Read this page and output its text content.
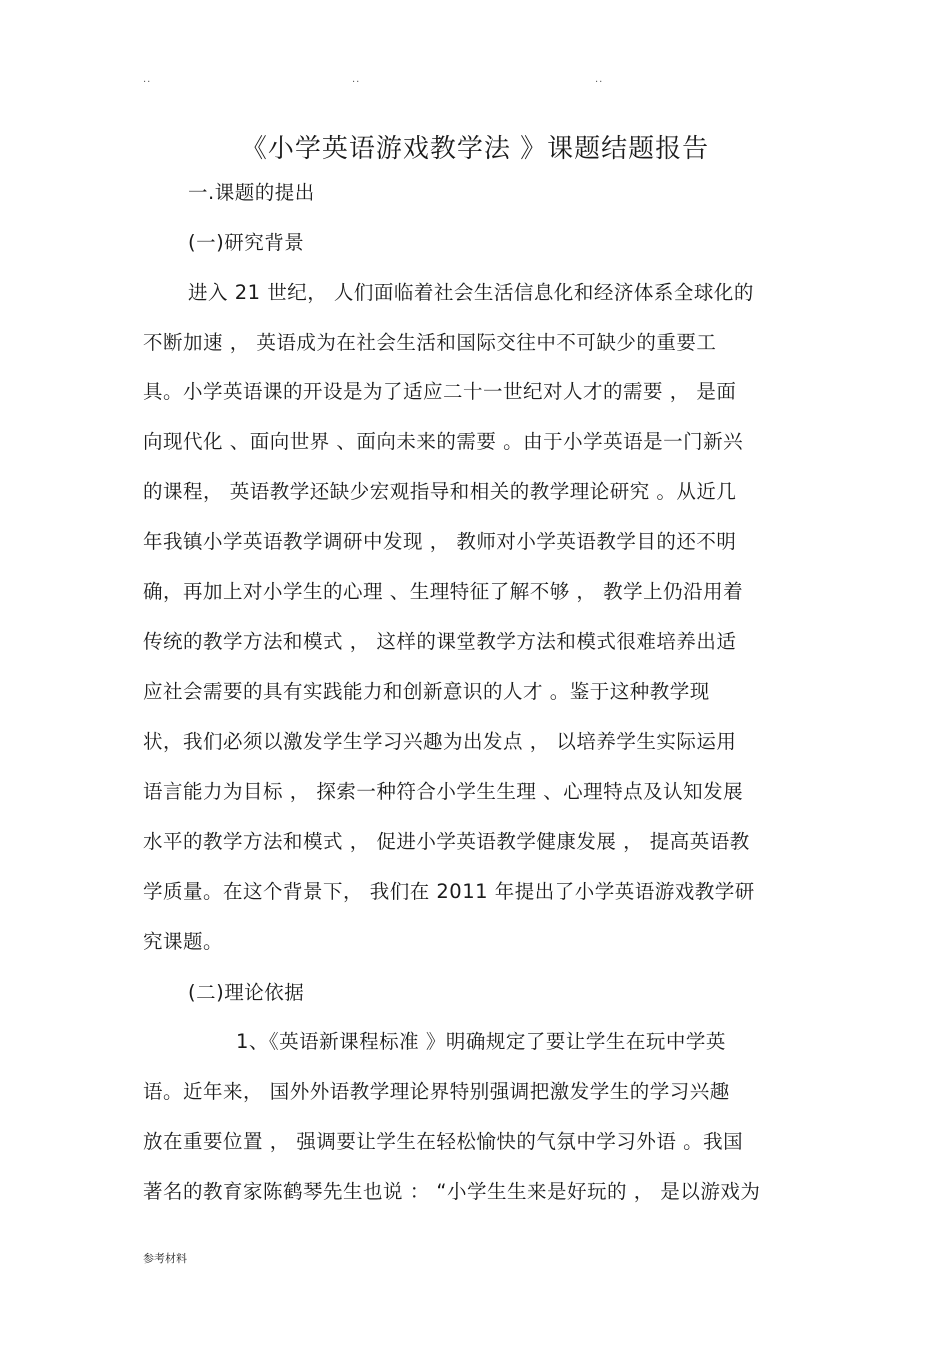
..	..	..
《小学英语游戏教学法 》课题结题报告
一.课题的提出
(一)研究背景
进入 21 世纪， 人们面临着社会生活信息化和经济体系全球化的
不断加速 ， 英语成为在社会生活和国际交往中不可缺少的重要工
具。小学英语课的开设是为了适应二十一世纪对人才的需要 ， 是面
向现代化 、面向世界 、面向未来的需要 。由于小学英语是一门新兴
的课程， 英语教学还缺少宏观指导和相关的教学理论研究 。从近几
年我镇小学英语教学调研中发现 ， 教师对小学英语教学目的还不明
确，再加上对小学生的心理 、生理特征了解不够 ， 教学上仍沿用着
传统的教学方法和模式 ， 这样的课堂教学方法和模式很难培养出适
应社会需要的具有实践能力和创新意识的人才 。鉴于这种教学现
状，我们必须以激发学生学习兴趣为出发点 ， 以培养学生实际运用
语言能力为目标 ， 探索一种符合小学生生理 、心理特点及认知发展
水平的教学方法和模式 ， 促进小学英语教学健康发展 ， 提高英语教
学质量。在这个背景下， 我们在 2011 年提出了小学英语游戏教学研
究课题。
(二)理论依据
1、《英语新课程标准 》明确规定了要让学生在玩中学英
语。近年来， 国外外语教学理论界特别强调把激发学生的学习兴趣
放在重要位置 ， 强调要让学生在轻松愉快的气氛中学习外语 。我国
著名的教育家陈鹤琴先生也说 ： “小学生生来是好玩的 ， 是以游戏为
参考材料
